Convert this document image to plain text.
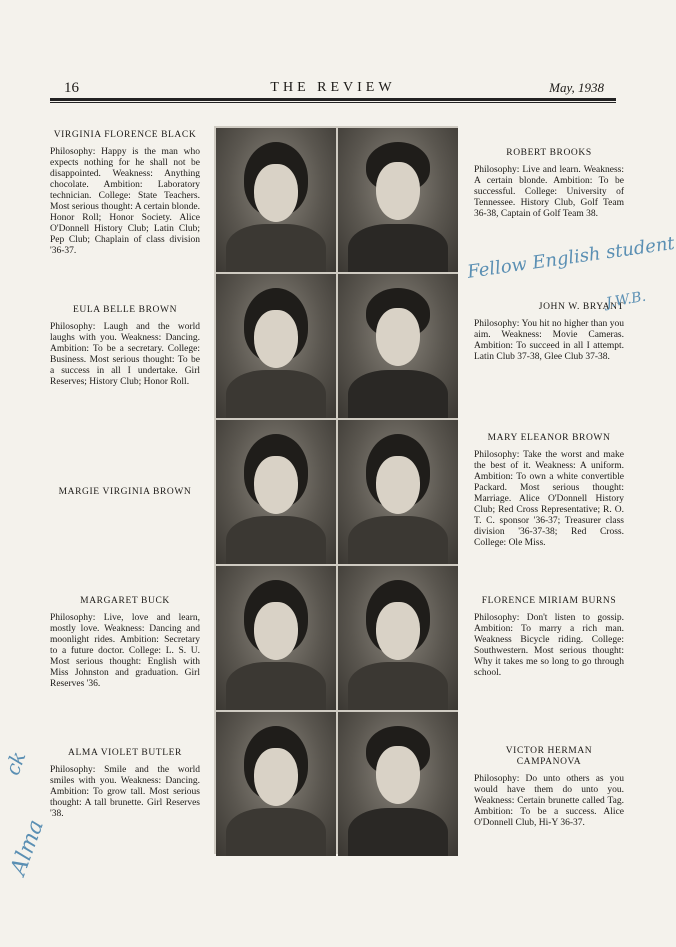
16	THE REVIEW	May, 1938
VIRGINIA FLORENCE BLACK
Philosophy: Happy is the man who expects nothing for he shall not be disappointed. Weakness: Anything chocolate. Ambition: Laboratory technician. College: State Teachers. Most serious thought: A certain blonde. Honor Roll; Honor Society. Alice O'Donnell History Club; Latin Club; Pep Club; Chaplain of class division '36-37.
ROBERT BROOKS
Philosophy: Live and learn. Weakness: A certain blonde. Ambition: To be successful. College: University of Tennessee. History Club, Golf Team 36-38, Captain of Golf Team 38.
EULA BELLE BROWN
Philosophy: Laugh and the world laughs with you. Weakness: Dancing. Ambition: To be a secretary. College: Business. Most serious thought: To be a success in all I undertake. Girl Reserves; History Club; Honor Roll.
JOHN W. BRYANT
Philosophy: You hit no higher than you aim. Weakness: Movie Cameras. Ambition: To succeed in all I attempt. Latin Club 37-38, Glee Club 37-38.
MARGIE VIRGINIA BROWN
MARY ELEANOR BROWN
Philosophy: Take the worst and make the best of it. Weakness: A uniform. Ambition: To own a white convertible Packard. Most serious thought: Marriage. Alice O'Donnell History Club; Red Cross Representative; R. O. T. C. sponsor '36-37; Treasurer class division '36-37-38; Red Cross. College: Ole Miss.
MARGARET BUCK
Philosophy: Live, love and learn, mostly love. Weakness: Dancing and moonlight rides. Ambition: Secretary to a future doctor. College: L. S. U. Most serious thought: English with Miss Johnston and graduation. Girl Reserves '36.
FLORENCE MIRIAM BURNS
Philosophy: Don't listen to gossip. Ambition: To marry a rich man. Weakness Bicycle riding. College: Southwestern. Most serious thought: Why it takes me so long to go through school.
ALMA VIOLET BUTLER
Philosophy: Smile and the world smiles with you. Weakness: Dancing. Ambition: To grow tall. Most serious thought: A tall brunette. Girl Reserves '38.
VICTOR HERMAN CAMPANOVA
Philosophy: Do unto others as you would have them do unto you. Weakness: Certain brunette called Tag. Ambition: To be a success. Alice O'Donnell Club, Hi-Y 36-37.
Fellow English student
J.W.B.
ck
Alma
